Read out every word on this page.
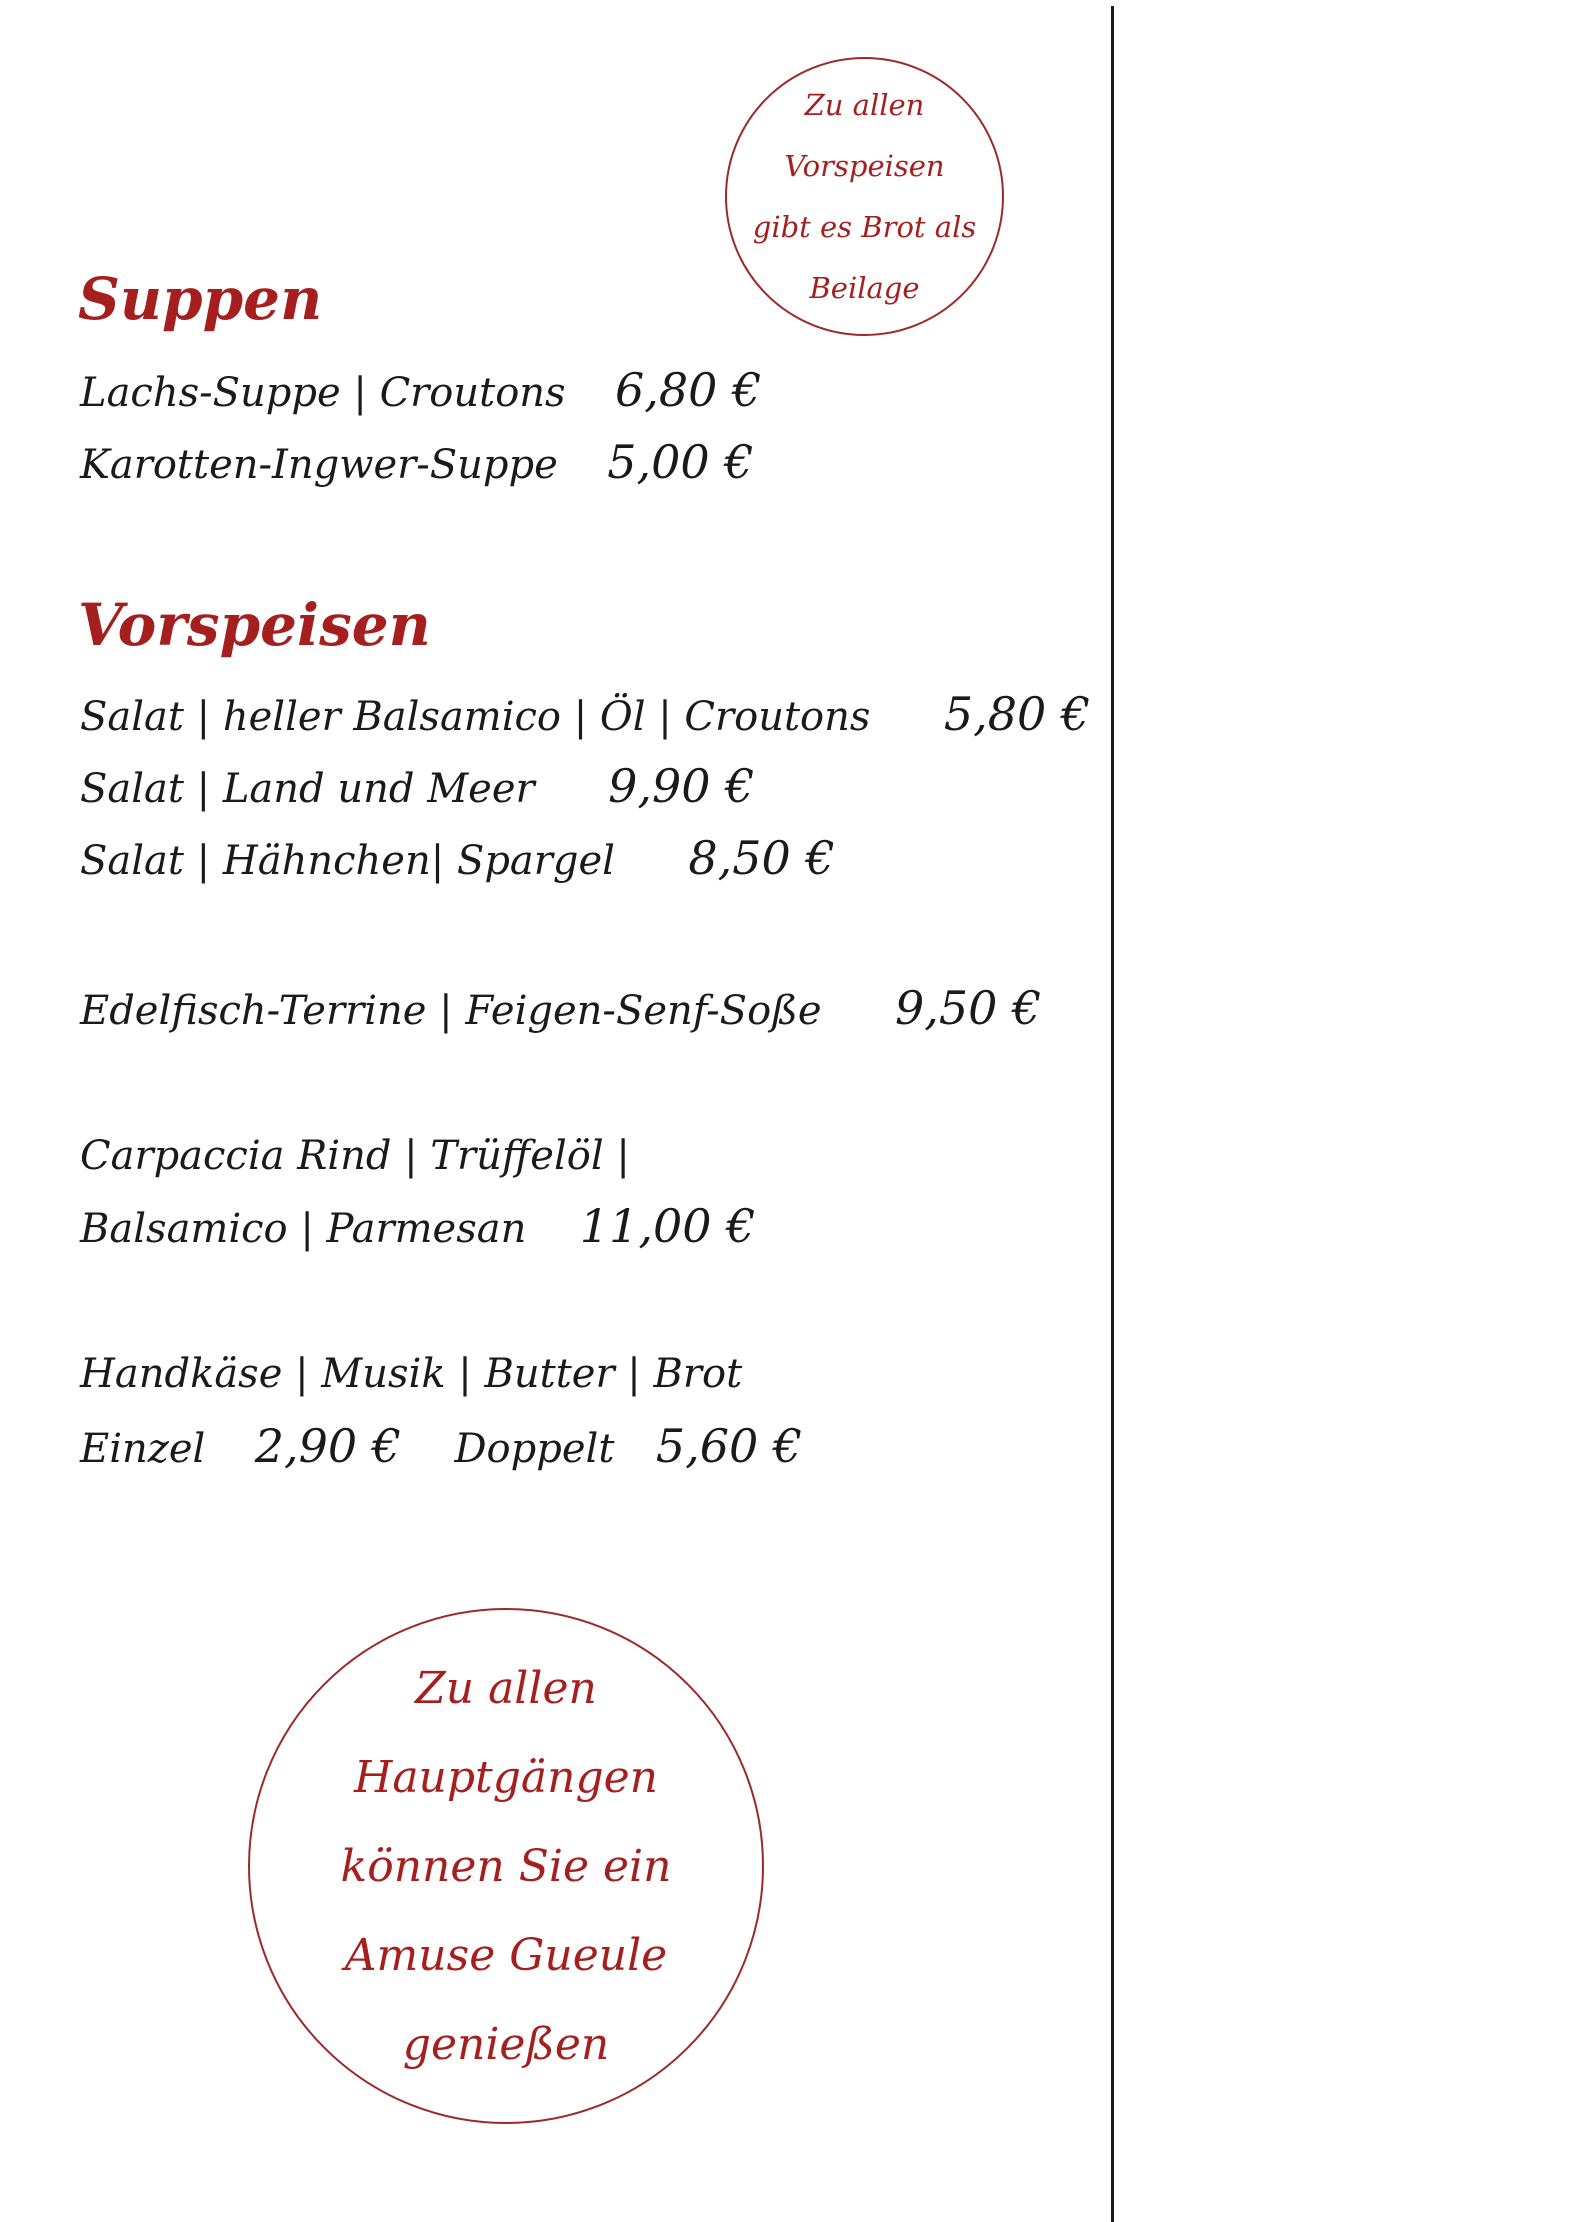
Zu allen
Vorspeisen
gibt es Brot als
Beilage
Suppen
Lachs-Suppe | Croutons 6,80 €
Karotten-Ingwer-Suppe 5,00 €
Vorspeisen
Salat | heller Balsamico | Öl | Croutons 5,80 €
Salat | Land und Meer 9,90 €
Salat | Hähnchen| Spargel 8,50 €
Edelfisch-Terrine | Feigen-Senf-Soße 9,50 €
Carpaccia Rind | Trüffelöl |
Balsamico | Parmesan 11,00 €
Handkäse | Musik | Butter | Brot
Einzel 2,90 € Doppelt 5,60 €
Zu allen
Hauptgängen
können Sie ein
Amuse Gueule
genießen
